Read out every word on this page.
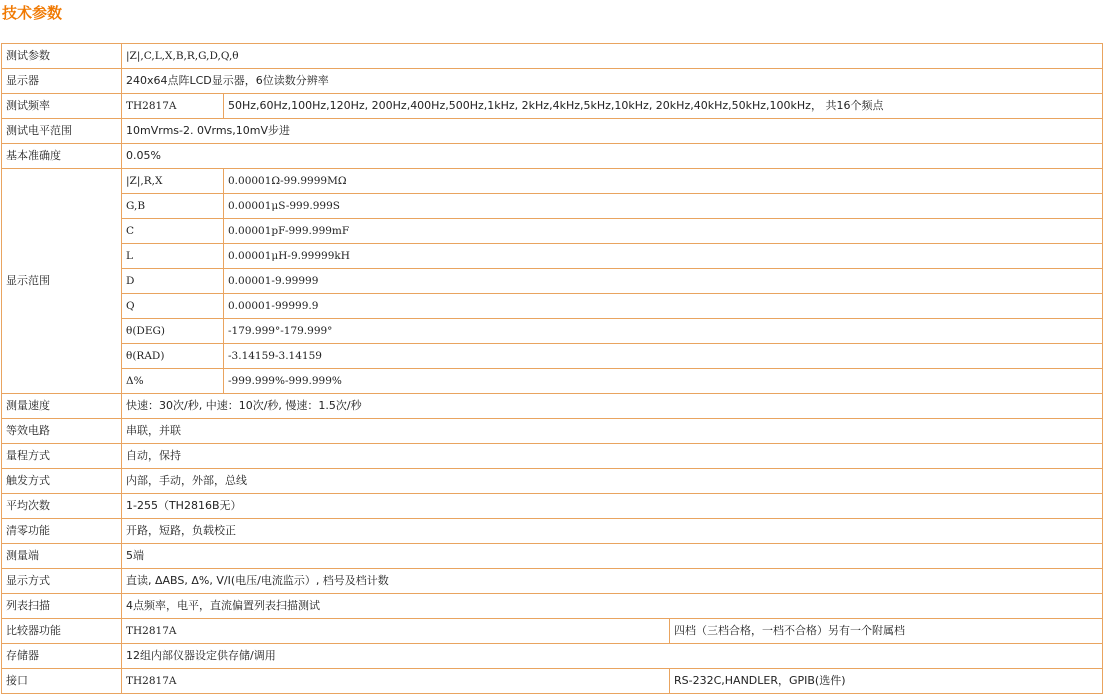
技术参数
测试参数	|Z|,C,L,X,B,R,G,D,Q,θ		
显示器	240x64点阵LCD显示器，6位读数分辨率		
测试频率	TH2817A	50Hz,60Hz,100Hz,120Hz, 200Hz,400Hz,500Hz,1kHz, 2kHz,4kHz,5kHz,10kHz, 20kHz,40kHz,50kHz,100kHz， 共16个频点	
测试电平范围	10mVrms-2. 0Vrms,10mV步进		
基本准确度	0.05%		
显示范围	|Z|,R,X	0.00001Ω-99.9999MΩ	
	G,B	0.00001μS-999.999S	
	C	0.00001pF-999.999mF	
	L	0.00001μH-9.99999kH	
	D	0.00001-9.99999	
	Q	0.00001-99999.9	
	θ(DEG)	-179.999°-179.999°	
	θ(RAD)	-3.14159-3.14159	
	Δ%	-999.999%-999.999%	
测量速度	快速：30次/秒, 中速：10次/秒, 慢速：1.5次/秒		
等效电路	串联，并联		
量程方式	自动，保持		
触发方式	内部，手动，外部，总线		
平均次数	1-255（TH2816B无）		
清零功能	开路，短路，负载校正		
测量端	5端		
显示方式	直读, ΔABS, Δ%, V/I(电压/电流监示）, 档号及档计数		
列表扫描	4点频率，电平，直流偏置列表扫描测试		
比较器功能	TH2817A		四档（三档合格，一档不合格）另有一个附属档
存储器	12组内部仪器设定供存储/调用		
接口	TH2817A		RS-232C,HANDLER，GPIB(选件)
